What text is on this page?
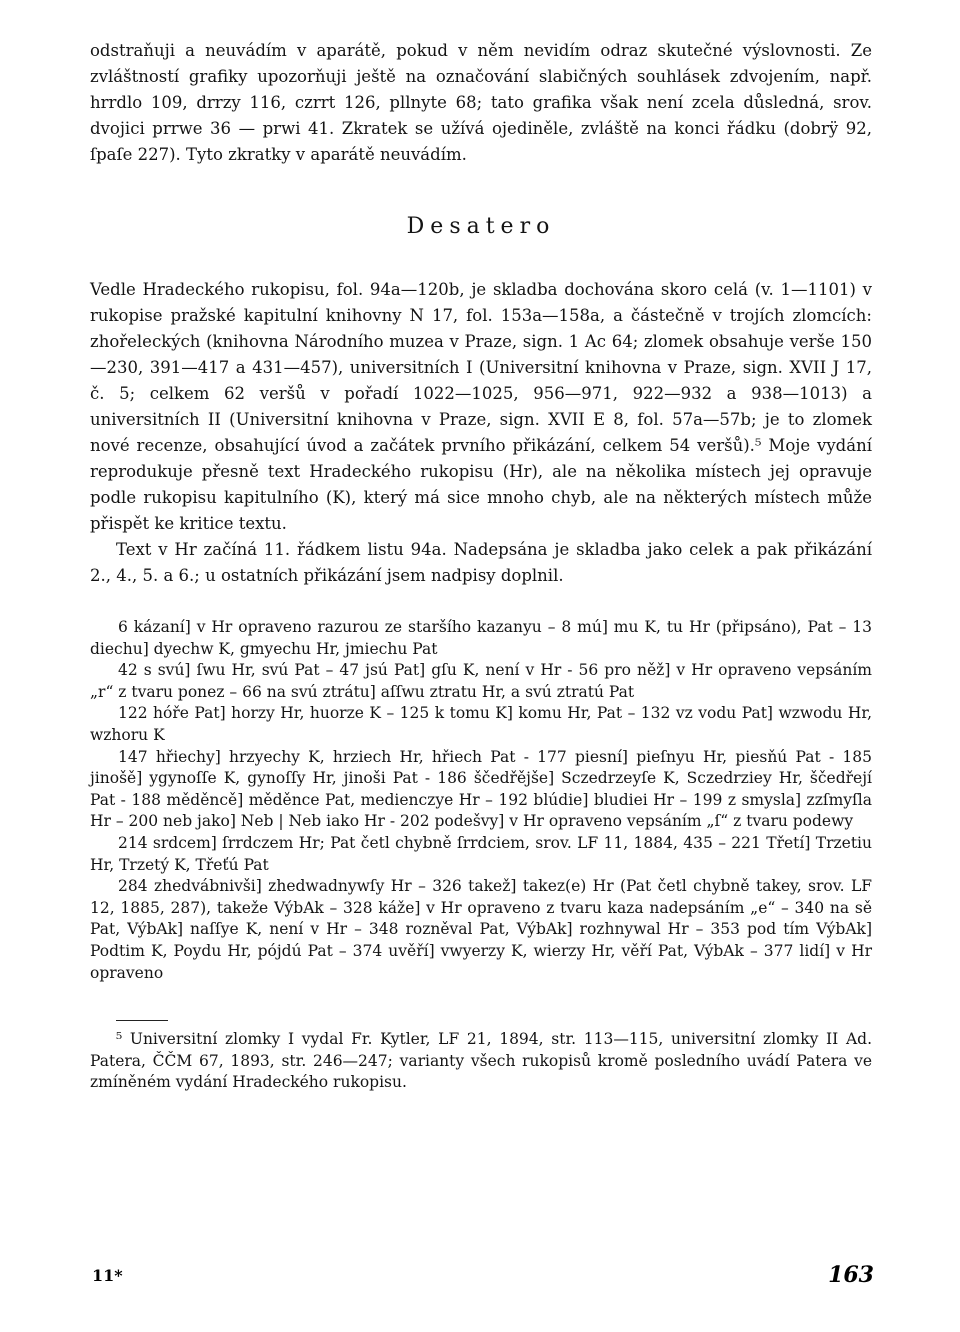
odstraňuji a neuvádím v aparátě, pokud v něm nevidím odraz skutečné výslovnosti. Ze zvláštností grafiky upozorňuji ještě na označování slabičných souhlásek zdvojením, např. hrrdlo 109, drrzy 116, czrrt 126, pllnyte 68; tato grafika však není zcela důsledná, srov. dvojici prrwe 36 — prwi 41. Zkratek se užívá ojediněle, zvláště na konci řádku (dobrÿ 92, ſpaſe 227). Tyto zkratky v aparátě neuvádím.

Desatero

Vedle Hradeckého rukopisu, fol. 94a—120b, je skladba dochována skoro celá (v. 1—1101) v rukopise pražské kapitulní knihovny N 17, fol. 153a—158a, a částečně v trojích zlomcích: zhořeleckých (knihovna Národního muzea v Praze, sign. 1 Ac 64; zlomek obsahuje verše 150—230, 391—417 a 431—457), universitních I (Universitní knihovna v Praze, sign. XVII J 17, č. 5; celkem 62 veršů v pořadí 1022—1025, 956—971, 922—932 a 938—1013) a universitních II (Universitní knihovna v Praze, sign. XVII E 8, fol. 57a—57b; je to zlomek nové recenze, obsahující úvod a začátek prvního přikázání, celkem 54 veršů).⁵ Moje vydání reprodukuje přesně text Hradeckého rukopisu (Hr), ale na několika místech jej opravuje podle rukopisu kapitulního (K), který má sice mnoho chyb, ale na některých místech může přispět ke kritice textu.

Text v Hr začíná 11. řádkem listu 94a. Nadepsána je skladba jako celek a pak přikázání 2., 4., 5. a 6.; u ostatních přikázání jsem nadpisy doplnil.

6 kázaní] v Hr opraveno razurou ze staršího kazanyu – 8 mú] mu K, tu Hr (připsáno), Pat – 13 diechu] dyechw K, gmyechu Hr, jmiechu Pat

42 s svú] ſwu Hr, svú Pat – 47 jsú Pat] gſu K, není v Hr - 56 pro něž] v Hr opraveno vepsáním „r“ z tvaru ponez – 66 na svú ztrátu] aſſwu ztratu Hr, a svú ztratú Pat

122 hóře Pat] horzy Hr, huorze K – 125 k tomu K] komu Hr, Pat – 132 vz vodu Pat] wzwodu Hr, wzhoru K

147 hřiechy] hrzyechy K, hrziech Hr, hřiech Pat - 177 piesní] pieſnyu Hr, piesňú Pat - 185 jinošě] ygynoſſe K, gynoſſy Hr, jinoši Pat - 186 ščedřějše] Sczedrzeyſe K, Sczedrziey Hr, ščedřejí Pat - 188 měděncě] měděnce Pat, medienczye Hr – 192 blúdie] bludiei Hr – 199 z smysla] zzſmyſla Hr – 200 neb jako] Neb | Neb iako Hr - 202 podešvy] v Hr opraveno vepsáním „ſ“ z tvaru podewy

214 srdcem] ſrrdczem Hr; Pat četl chybně ſrrdciem, srov. LF 11, 1884, 435 – 221 Třetí] Trzetiu Hr, Trzetý K, Třeťú Pat

284 zhedvábnivši] zhedwadnywſy Hr – 326 takež] takez(e) Hr (Pat četl chybně takey, srov. LF 12, 1885, 287), takeže VýbAk – 328 káže] v Hr opraveno z tvaru kaza nadepsáním „e“ – 340 na sě Pat, VýbAk] naſſye K, není v Hr – 348 rozněval Pat, VýbAk] rozhnywal Hr – 353 pod tím VýbAk] Podtim K, Poydu Hr, pójdú Pat – 374 uvěří] vwyerzy K, wierzy Hr, věří Pat, VýbAk – 377 lidí] v Hr opraveno

⁵ Universitní zlomky I vydal Fr. Kytler, LF 21, 1894, str. 113—115, universitní zlomky II Ad. Patera, ČČM 67, 1893, str. 246—247; varianty všech rukopisů kromě posledního uvádí Patera ve zmíněném vydání Hradeckého rukopisu.

11*	163
